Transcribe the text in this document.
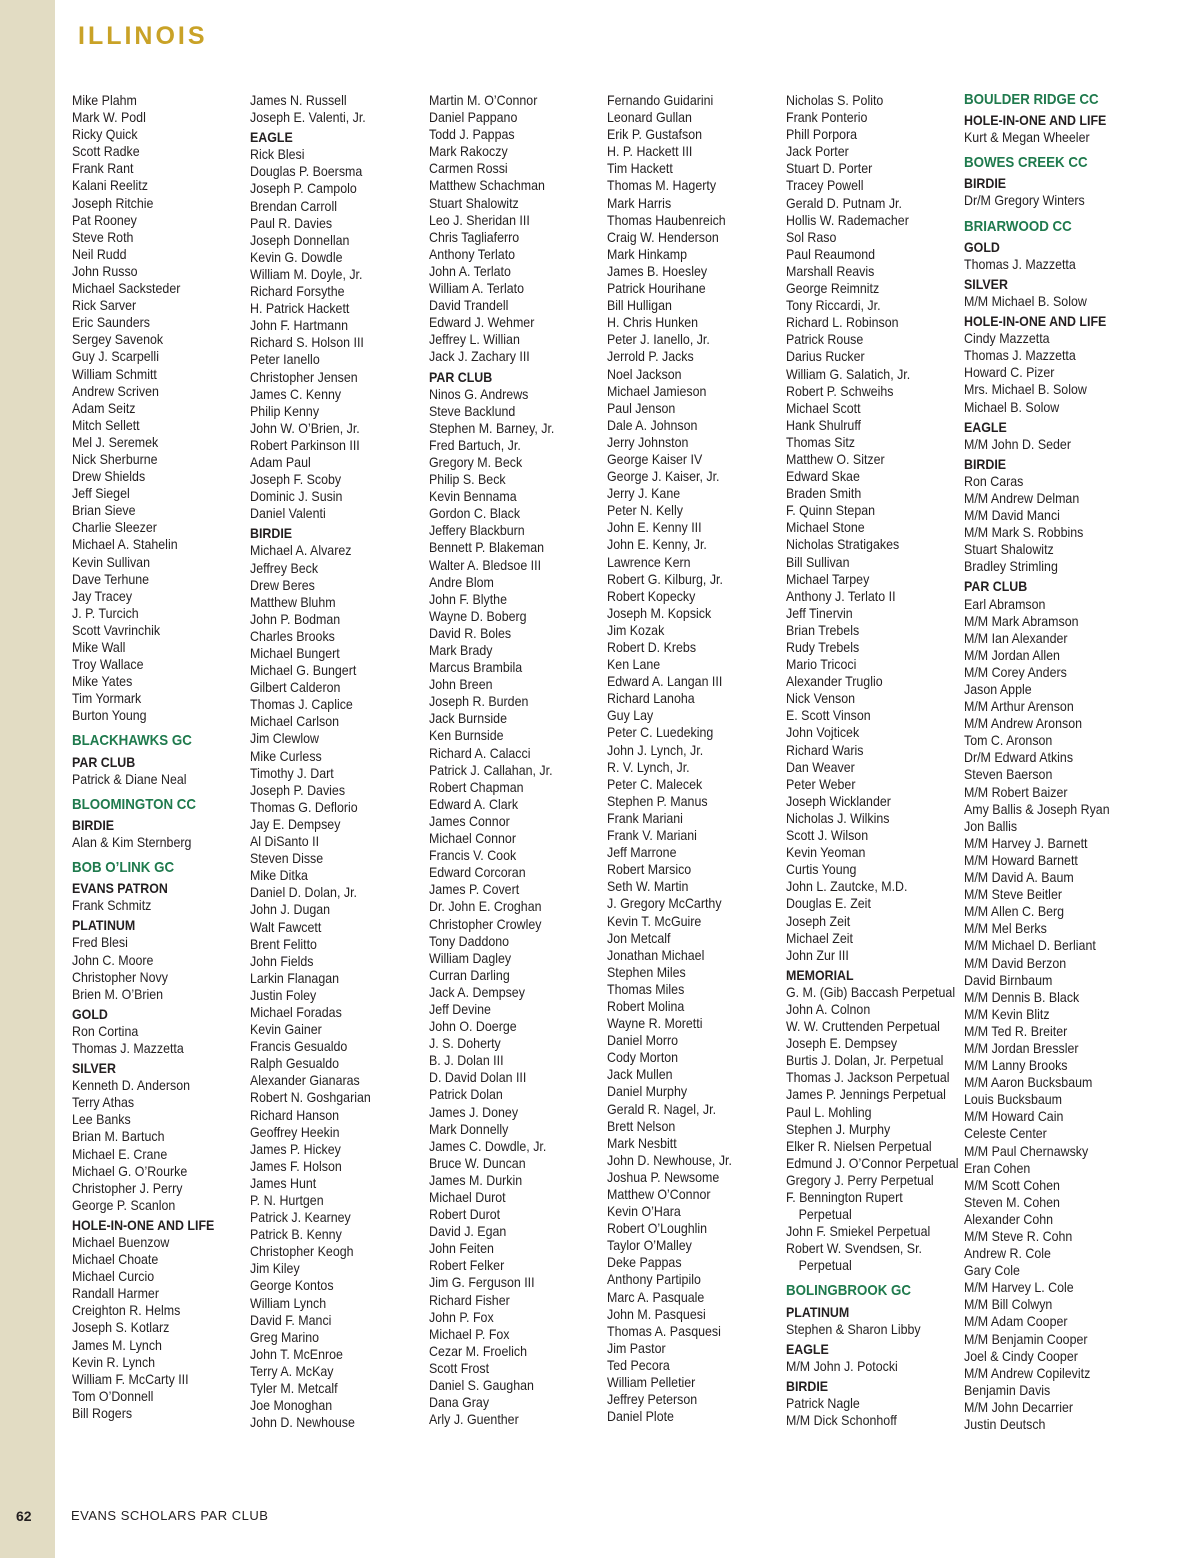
ILLINOIS
Mike Plahm
Mark W. Podl
Ricky Quick
Scott Radke
Frank Rant
Kalani Reelitz
Joseph Ritchie
Pat Rooney
Steve Roth
Neil Rudd
John Russo
Michael Sacksteder
Rick Sarver
Eric Saunders
Sergey Savenok
Guy J. Scarpelli
William Schmitt
Andrew Scriven
Adam Seitz
Mitch Sellett
Mel J. Seremek
Nick Sherburne
Drew Shields
Jeff Siegel
Brian Sieve
Charlie Sleezer
Michael A. Stahelin
Kevin Sullivan
Dave Terhune
Jay Tracey
J. P. Turcich
Scott Vavrinchik
Mike Wall
Troy Wallace
Mike Yates
Tim Yormark
Burton Young
BLACKHAWKS GC
PAR CLUB
Patrick & Diane Neal
BLOOMINGTON CC
BIRDIE
Alan & Kim Sternberg
BOB O’LINK GC
EVANS PATRON
Frank Schmitz
PLATINUM
Fred Blesi
John C. Moore
Christopher Novy
Brien M. O’Brien
GOLD
Ron Cortina
Thomas J. Mazzetta
SILVER
Kenneth D. Anderson
Terry Athas
Lee Banks
Brian M. Bartuch
Michael E. Crane
Michael G. O’Rourke
Christopher J. Perry
George P. Scanlon
HOLE-IN-ONE AND LIFE
Michael Buenzow
Michael Choate
Michael Curcio
Randall Harmer
Creighton R. Helms
Joseph S. Kotlarz
James M. Lynch
Kevin R. Lynch
William F. McCarty III
Tom O’Donnell
Bill Rogers
James N. Russell
Joseph E. Valenti, Jr.
EAGLE
Rick Blesi
Douglas P. Boersma
Joseph P. Campolo
Brendan Carroll
Paul R. Davies
Joseph Donnellan
Kevin G. Dowdle
William M. Doyle, Jr.
Richard Forsythe
H. Patrick Hackett
John F. Hartmann
Richard S. Holson III
Peter Ianello
Christopher Jensen
James C. Kenny
Philip Kenny
John W. O’Brien, Jr.
Robert Parkinson III
Adam Paul
Joseph F. Scoby
Dominic J. Susin
Daniel Valenti
BIRDIE
Michael A. Alvarez
Jeffrey Beck
Drew Beres
Matthew Bluhm
John P. Bodman
Charles Brooks
Michael Bungert
Michael G. Bungert
Gilbert Calderon
Thomas J. Caplice
Michael Carlson
Jim Clewlow
Mike Curless
Timothy J. Dart
Joseph P. Davies
Thomas G. Deflorio
Jay E. Dempsey
Al DiSanto II
Steven Disse
Mike Ditka
Daniel D. Dolan, Jr.
John J. Dugan
Walt Fawcett
Brent Felitto
John Fields
Larkin Flanagan
Justin Foley
Michael Foradas
Kevin Gainer
Francis Gesualdo
Ralph Gesualdo
Alexander Gianaras
Robert N. Goshgarian
Richard Hanson
Geoffrey Heekin
James P. Hickey
James F. Holson
James Hunt
P. N. Hurtgen
Patrick J. Kearney
Patrick B. Kenny
Christopher Keogh
Jim Kiley
George Kontos
William Lynch
David F. Manci
Greg Marino
John T. McEnroe
Terry A. McKay
Tyler M. Metcalf
Joe Monoghan
John D. Newhouse
Martin M. O’Connor
Daniel Pappano
Todd J. Pappas
Mark Rakoczy
Carmen Rossi
Matthew Schachman
Stuart Shalowitz
Leo J. Sheridan III
Chris Tagliaferro
Anthony Terlato
John A. Terlato
William A. Terlato
David Trandell
Edward J. Wehmer
Jeffrey L. Willian
Jack J. Zachary III
PAR CLUB
Ninos G. Andrews
Steve Backlund
Stephen M. Barney, Jr.
Fred Bartuch, Jr.
Gregory M. Beck
Philip S. Beck
Kevin Bennama
Gordon C. Black
Jeffery Blackburn
Bennett P. Blakeman
Walter A. Bledsoe III
Andre Blom
John F. Blythe
Wayne D. Boberg
David R. Boles
Mark Brady
Marcus Brambila
John Breen
Joseph R. Burden
Jack Burnside
Ken Burnside
Richard A. Calacci
Patrick J. Callahan, Jr.
Robert Chapman
Edward A. Clark
James Connor
Michael Connor
Francis V. Cook
Edward Corcoran
James P. Covert
Dr. John E. Croghan
Christopher Crowley
Tony Daddono
William Dagley
Curran Darling
Jack A. Dempsey
Jeff Devine
John O. Doerge
J. S. Doherty
B. J. Dolan III
D. David Dolan III
Patrick Dolan
James J. Doney
Mark Donnelly
James C. Dowdle, Jr.
Bruce W. Duncan
James M. Durkin
Michael Durot
Robert Durot
David J. Egan
John Feiten
Robert Felker
Jim G. Ferguson III
Richard Fisher
John P. Fox
Michael P. Fox
Cezar M. Froelich
Scott Frost
Daniel S. Gaughan
Dana Gray
Arly J. Guenther
Fernando Guidarini
Leonard Gullan
Erik P. Gustafson
H. P. Hackett III
Tim Hackett
Thomas M. Hagerty
Mark Harris
Thomas Haubenreich
Craig W. Henderson
Mark Hinkamp
James B. Hoesley
Patrick Hourihane
Bill Hulligan
H. Chris Hunken
Peter J. Ianello, Jr.
Jerrold P. Jacks
Noel Jackson
Michael Jamieson
Paul Jenson
Dale A. Johnson
Jerry Johnston
George Kaiser IV
George J. Kaiser, Jr.
Jerry J. Kane
Peter N. Kelly
John E. Kenny III
John E. Kenny, Jr.
Lawrence Kern
Robert G. Kilburg, Jr.
Robert Kopecky
Joseph M. Kopsick
Jim Kozak
Robert D. Krebs
Ken Lane
Edward A. Langan III
Richard Lanoha
Guy Lay
Peter C. Luedeking
John J. Lynch, Jr.
R. V. Lynch, Jr.
Peter C. Malecek
Stephen P. Manus
Frank Mariani
Frank V. Mariani
Jeff Marrone
Robert Marsico
Seth W. Martin
J. Gregory McCarthy
Kevin T. McGuire
Jon Metcalf
Jonathan Michael
Stephen Miles
Thomas Miles
Robert Molina
Wayne R. Moretti
Daniel Morro
Cody Morton
Jack Mullen
Daniel Murphy
Gerald R. Nagel, Jr.
Brett Nelson
Mark Nesbitt
John D. Newhouse, Jr.
Joshua P. Newsome
Matthew O’Connor
Kevin O’Hara
Robert O’Loughlin
Taylor O’Malley
Deke Pappas
Anthony Partipilo
Marc A. Pasquale
John M. Pasquesi
Thomas A. Pasquesi
Jim Pastor
Ted Pecora
William Pelletier
Jeffrey Peterson
Daniel Plote
Nicholas S. Polito
Frank Ponterio
Phill Porpora
Jack Porter
Stuart D. Porter
Tracey Powell
Gerald D. Putnam Jr.
Hollis W. Rademacher
Sol Raso
Paul Reaumond
Marshall Reavis
George Reimnitz
Tony Riccardi, Jr.
Richard L. Robinson
Patrick Rouse
Darius Rucker
William G. Salatich, Jr.
Robert P. Schweihs
Michael Scott
Hank Shulruff
Thomas Sitz
Matthew O. Sitzer
Edward Skae
Braden Smith
F. Quinn Stepan
Michael Stone
Nicholas Stratigakes
Bill Sullivan
Michael Tarpey
Anthony J. Terlato II
Jeff Tinervin
Brian Trebels
Rudy Trebels
Mario Tricoci
Alexander Truglio
Nick Venson
E. Scott Vinson
John Vojticek
Richard Waris
Dan Weaver
Peter Weber
Joseph Wicklander
Nicholas J. Wilkins
Scott J. Wilson
Kevin Yeoman
Curtis Young
John L. Zautcke, M.D.
Douglas E. Zeit
Joseph Zeit
Michael Zeit
John Zur III
MEMORIAL
G. M. (Gib) Baccash Perpetual
John A. Colnon
W. W. Cruttenden Perpetual
Joseph E. Dempsey
Burtis J. Dolan, Jr. Perpetual
Thomas J. Jackson Perpetual
James P. Jennings Perpetual
Paul L. Mohling
Stephen J. Murphy
Elker R. Nielsen Perpetual
Edmund J. O’Connor Perpetual
Gregory J. Perry Perpetual
F. Bennington Rupert
Perpetual
John F. Smiekel Perpetual
Robert W. Svendsen, Sr.
Perpetual
BOLINGBROOK GC
PLATINUM
Stephen & Sharon Libby
EAGLE
M/M John J. Potocki
BIRDIE
Patrick Nagle
M/M Dick Schonhoff
BOULDER RIDGE CC
HOLE-IN-ONE AND LIFE
Kurt & Megan Wheeler
BOWES CREEK CC
BIRDIE
Dr/M Gregory Winters
BRIARWOOD CC
GOLD
Thomas J. Mazzetta
SILVER
M/M Michael B. Solow
HOLE-IN-ONE AND LIFE
Cindy Mazzetta
Thomas J. Mazzetta
Howard C. Pizer
Mrs. Michael B. Solow
Michael B. Solow
EAGLE
M/M John D. Seder
BIRDIE
Ron Caras
M/M Andrew Delman
M/M David Manci
M/M Mark S. Robbins
Stuart Shalowitz
Bradley Strimling
PAR CLUB
Earl Abramson
M/M Mark Abramson
M/M Ian Alexander
M/M Jordan Allen
M/M Corey Anders
Jason Apple
M/M Arthur Arenson
M/M Andrew Aronson
Tom C. Aronson
Dr/M Edward Atkins
Steven Baerson
M/M Robert Baizer
Amy Ballis & Joseph Ryan
Jon Ballis
M/M Harvey J. Barnett
M/M Howard Barnett
M/M David A. Baum
M/M Steve Beitler
M/M Allen C. Berg
M/M Mel Berks
M/M Michael D. Berliant
M/M David Berzon
David Birnbaum
M/M Dennis B. Black
M/M Kevin Blitz
M/M Ted R. Breiter
M/M Jordan Bressler
M/M Lanny Brooks
M/M Aaron Bucksbaum
Louis Bucksbaum
M/M Howard Cain
Celeste Center
M/M Paul Chernawsky
Eran Cohen
M/M Scott Cohen
Steven M. Cohen
Alexander Cohn
M/M Steve R. Cohn
Andrew R. Cole
Gary Cole
M/M Harvey L. Cole
M/M Bill Colwyn
M/M Adam Cooper
M/M Benjamin Cooper
Joel & Cindy Cooper
M/M Andrew Copilevitz
Benjamin Davis
M/M John Decarrier
Justin Deutsch
62	EVANS SCHOLARS PAR CLUB
